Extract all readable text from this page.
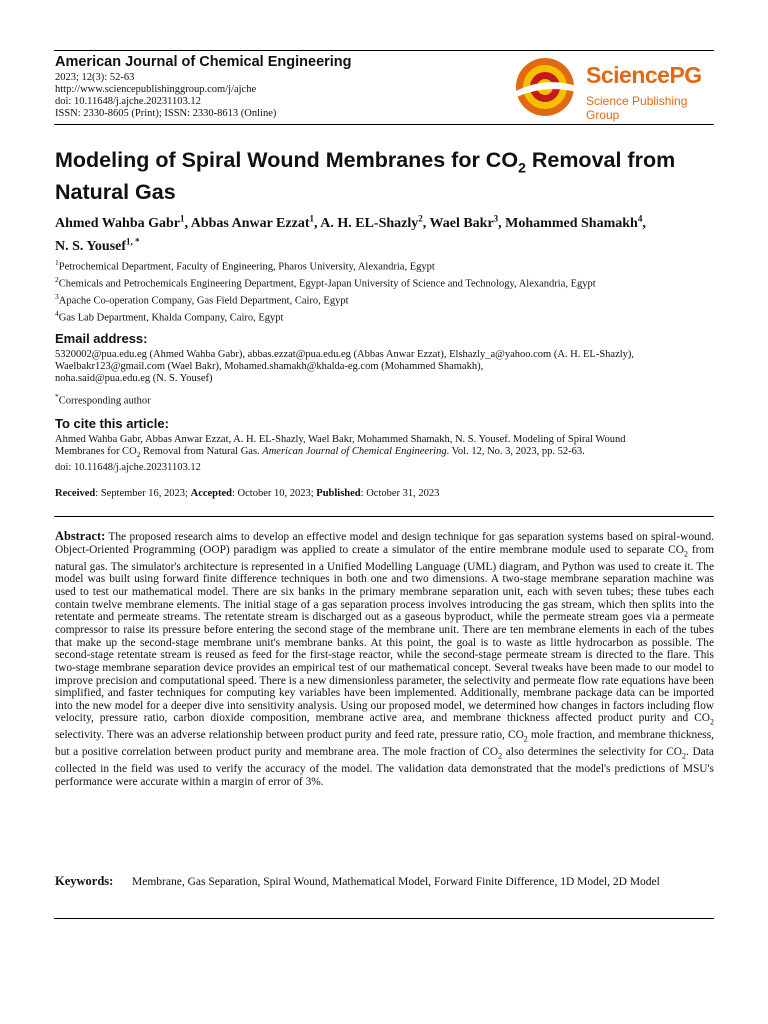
American Journal of Chemical Engineering
2023; 12(3): 52-63
http://www.sciencepublishinggroup.com/j/ajche
doi: 10.11648/j.ajche.20231103.12
ISSN: 2330-8605 (Print); ISSN: 2330-8613 (Online)
SciencePG
Science Publishing Group
Modeling of Spiral Wound Membranes for $CO_2$ Removal from Natural Gas
Ahmed Wahba Gabr$^1$, Abbas Anwar Ezzat$^1$, A. H. EL-Shazly$^2$, Wael Bakr$^3$, Mohammed Shamakh$^4$,
N. S. Yousef$^{1, *}$
$^1$Petrochemical Department, Faculty of Engineering, Pharos University, Alexandria, Egypt
$^2$Chemicals and Petrochemicals Engineering Department, Egypt-Japan University of Science and Technology, Alexandria, Egypt
$^3$Apache Co-operation Company, Gas Field Department, Cairo, Egypt
$^4$Gas Lab Department, Khalda Company, Cairo, Egypt
Email address:
5320002@pua.edu.eg (Ahmed Wahba Gabr), abbas.ezzat@pua.edu.eg (Abbas Anwar Ezzat), Elshazly_a@yahoo.com (A. H. EL-Shazly),
Waelbakr123@gmail.com (Wael Bakr), Mohamed.shamakh@khalda-eg.com (Mohammed Shamakh),
noha.said@pua.edu.eg (N. S. Yousef)
*Corresponding author
To cite this article:
Ahmed Wahba Gabr, Abbas Anwar Ezzat, A. H. EL-Shazly, Wael Bakr, Mohammed Shamakh, N. S. Yousef. Modeling of Spiral Wound
Membranes for $CO_2$ Removal from Natural Gas. American Journal of Chemical Engineering. Vol. 12, No. 3, 2023, pp. 52-63.
doi: 10.11648/j.ajche.20231103.12
Received: September 16, 2023; Accepted: October 10, 2023; Published: October 31, 2023
Abstract: The proposed research aims to develop an effective model and design technique for gas separation systems based on spiral-wound. Object-Oriented Programming (OOP) paradigm was applied to create a simulator of the entire membrane module used to separate $CO_2$ from natural gas. The simulator's architecture is represented in a Unified Modelling Language (UML) diagram, and Python was used to create it. The model was built using forward finite difference techniques in both one and two dimensions. A two-stage membrane separation machine was used to test our mathematical model. There are six banks in the primary membrane separation unit, each with seven tubes; these tubes each contain twelve membrane elements. The initial stage of a gas separation process involves introducing the gas stream, which then splits into the retentate and permeate streams. The retentate stream is discharged out as a gaseous byproduct, while the permeate stream goes via a permeate compressor to raise its pressure before entering the second stage of the membrane unit. There are ten membrane elements in each of the tubes that make up the second-stage membrane unit's membrane banks. At this point, the goal is to waste as little hydrocarbon as possible. The second-stage retentate stream is reused as feed for the first-stage reactor, while the second-stage permeate stream is directed to the flare. This two-stage membrane separation device provides an empirical test of our mathematical concept. Several tweaks have been made to our model to improve precision and computational speed. There is a new dimensionless parameter, the selectivity and permeate flow rate equations have been simplified, and faster techniques for computing key variables have been implemented. Additionally, membrane package data can be imported into the new model for a deeper dive into sensitivity analysis. Using our proposed model, we determined how changes in factors including flow velocity, pressure ratio, carbon dioxide composition, membrane active area, and membrane thickness affected product purity and $CO_2$ selectivity. There was an adverse relationship between product purity and feed rate, pressure ratio, $CO_2$ mole fraction, and membrane thickness, but a positive correlation between product purity and membrane area. The mole fraction of $CO_2$ also determines the selectivity for $CO_2$. Data collected in the field was used to verify the accuracy of the model. The validation data demonstrated that the model's predictions of MSU's performance were accurate within a margin of error of 3%.
Keywords: Membrane, Gas Separation, Spiral Wound, Mathematical Model, Forward Finite Difference, 1D Model, 2D Model
